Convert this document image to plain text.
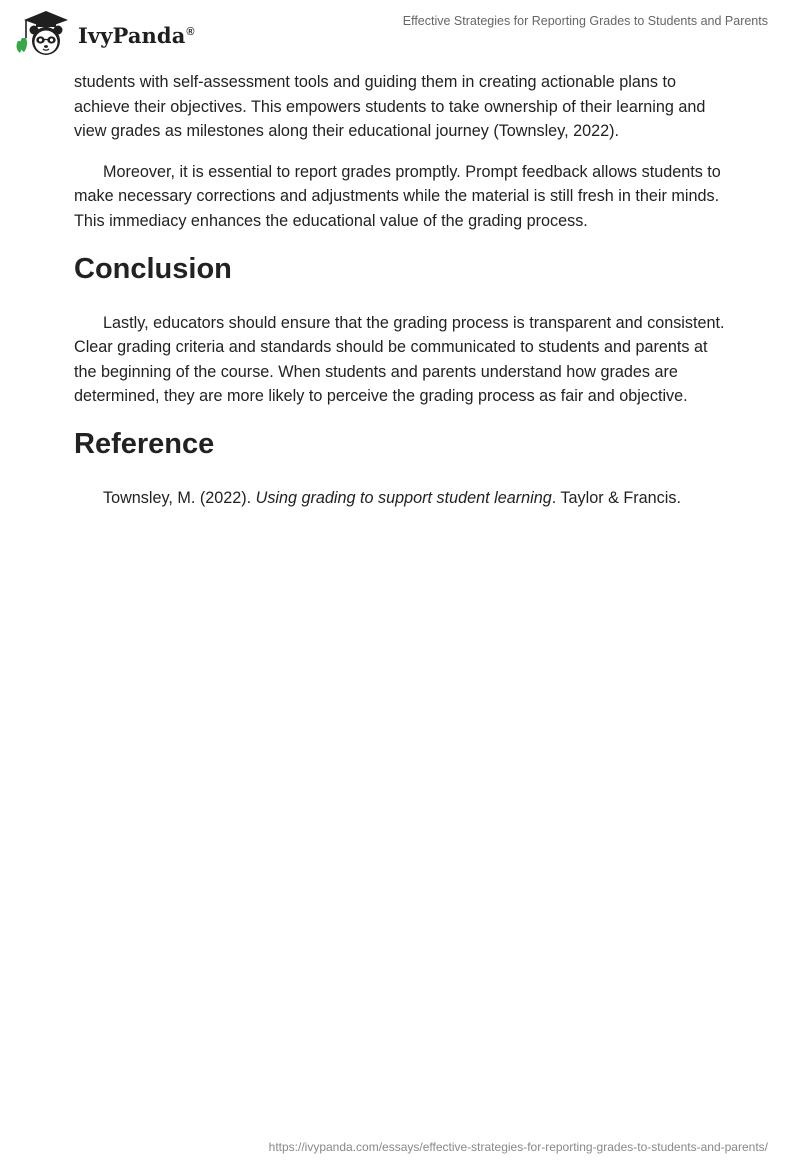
IvyPanda®
Effective Strategies for Reporting Grades to Students and Parents

students with self-assessment tools and guiding them in creating actionable plans to achieve their objectives. This empowers students to take ownership of their learning and view grades as milestones along their educational journey (Townsley, 2022).

Moreover, it is essential to report grades promptly. Prompt feedback allows students to make necessary corrections and adjustments while the material is still fresh in their minds. This immediacy enhances the educational value of the grading process.

Conclusion

Lastly, educators should ensure that the grading process is transparent and consistent. Clear grading criteria and standards should be communicated to students and parents at the beginning of the course. When students and parents understand how grades are determined, they are more likely to perceive the grading process as fair and objective.

Reference

Townsley, M. (2022). Using grading to support student learning. Taylor & Francis.

https://ivypanda.com/essays/effective-strategies-for-reporting-grades-to-students-and-parents/
